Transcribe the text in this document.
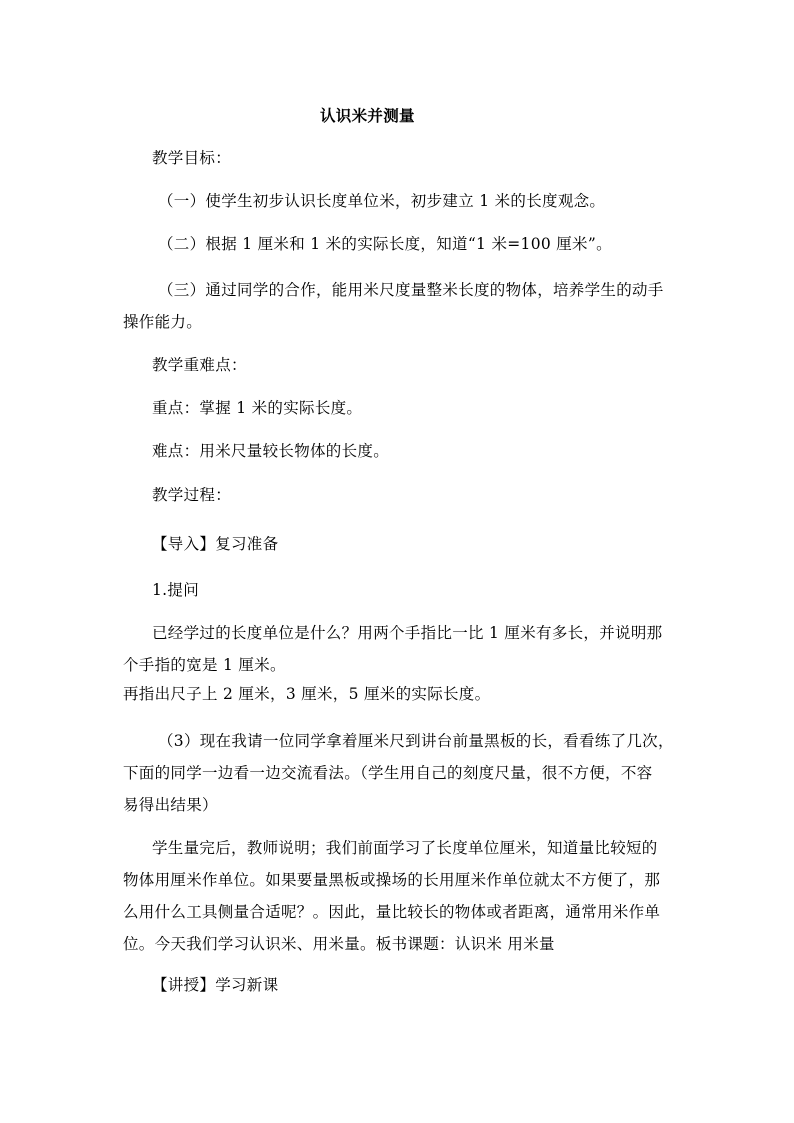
认识米并测量
教学目标：
（一）使学生初步认识长度单位米，初步建立 1 米的长度观念。
（二）根据 1 厘米和 1 米的实际长度，知道“1 米=100 厘米”。
（三）通过同学的合作，能用米尺度量整米长度的物体，培养学生的动手
操作能力。
教学重难点：
重点：掌握 1 米的实际长度。
难点：用米尺量较长物体的长度。
教学过程：
【导入】复习准备
1.提问
已经学过的长度单位是什么？用两个手指比一比 1 厘米有多长，并说明那
个手指的宽是 1 厘米。
再指出尺子上 2 厘米，3 厘米，5 厘米的实际长度。
（3）现在我请一位同学拿着厘米尺到讲台前量黑板的长，看看练了几次，
下面的同学一边看一边交流看法。（学生用自己的刻度尺量，很不方便，不容
易得出结果）
学生量完后，教师说明；我们前面学习了长度单位厘米，知道量比较短的
物体用厘米作单位。如果要量黑板或操场的长用厘米作单位就太不方便了，那
么用什么工具侧量合适呢？。因此，量比较长的物体或者距离，通常用米作单
位。今天我们学习认识米、用米量。板书课题：认识米 用米量
【讲授】学习新课
